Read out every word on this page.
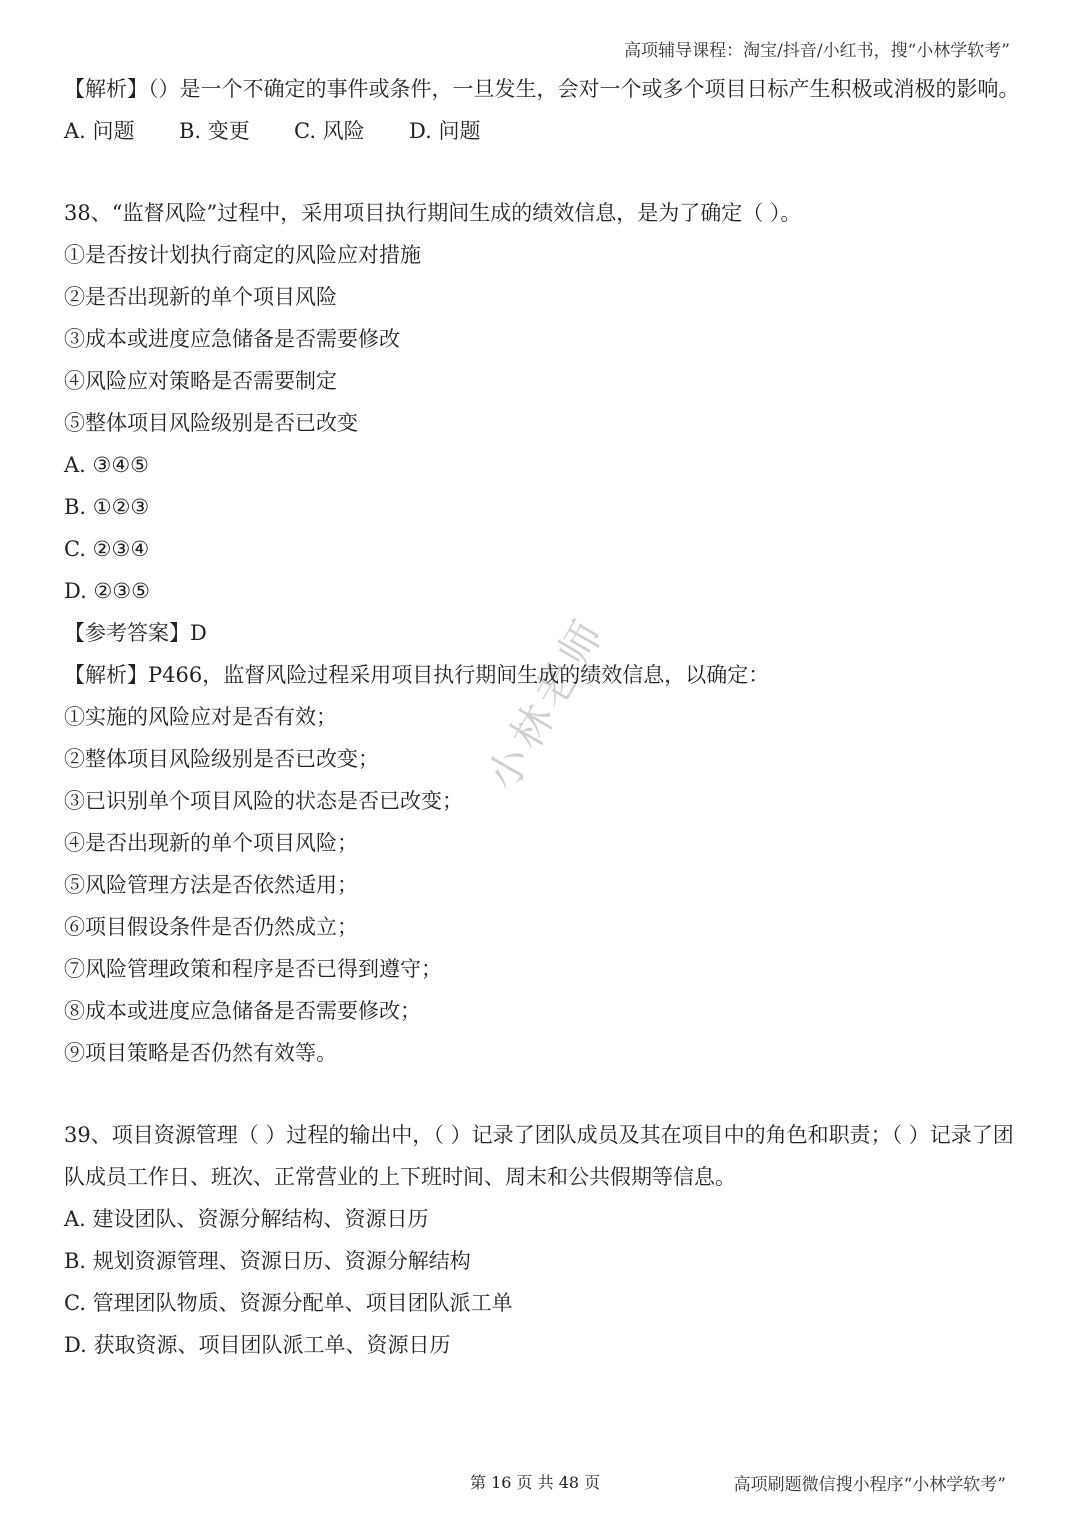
高项辅导课程：淘宝/抖音/小红书，搜“小林学软考”
小林老师

【解析】（）是一个不确定的事件或条件，一旦发生，会对一个或多个项目日标产生积极或消极的影响。

A. 问题	B. 变更	C. 风险	D. 问题

38、“监督风险”过程中，采用项目执行期间生成的绩效信息，是为了确定（ ）。

①是否按计划执行商定的风险应对措施

②是否出现新的单个项目风险

③成本或进度应急储备是否需要修改

④风险应对策略是否需要制定

⑤整体项目风险级别是否已改变

A. ③④⑤

B. ①②③

C. ②③④

D. ②③⑤

【参考答案】D

【解析】P466，监督风险过程采用项目执行期间生成的绩效信息，以确定：

①实施的风险应对是否有效；

②整体项目风险级别是否已改变；

③已识别单个项目风险的状态是否已改变；

④是否出现新的单个项目风险；

⑤风险管理方法是否依然适用；

⑥项目假设条件是否仍然成立；

⑦风险管理政策和程序是否已得到遵守；

⑧成本或进度应急储备是否需要修改；

⑨项目策略是否仍然有效等。

39、项目资源管理（ ）过程的输出中，（ ）记录了团队成员及其在项目中的角色和职责；（ ）记录了团队成员工作日、班次、正常营业的上下班时间、周末和公共假期等信息。

A. 建设团队、资源分解结构、资源日历

B. 规划资源管理、资源日历、资源分解结构

C. 管理团队物质、资源分配单、项目团队派工单

D. 获取资源、项目团队派工单、资源日历

第 16 页 共 48 页	高项刷题微信搜小程序“小林学软考”
